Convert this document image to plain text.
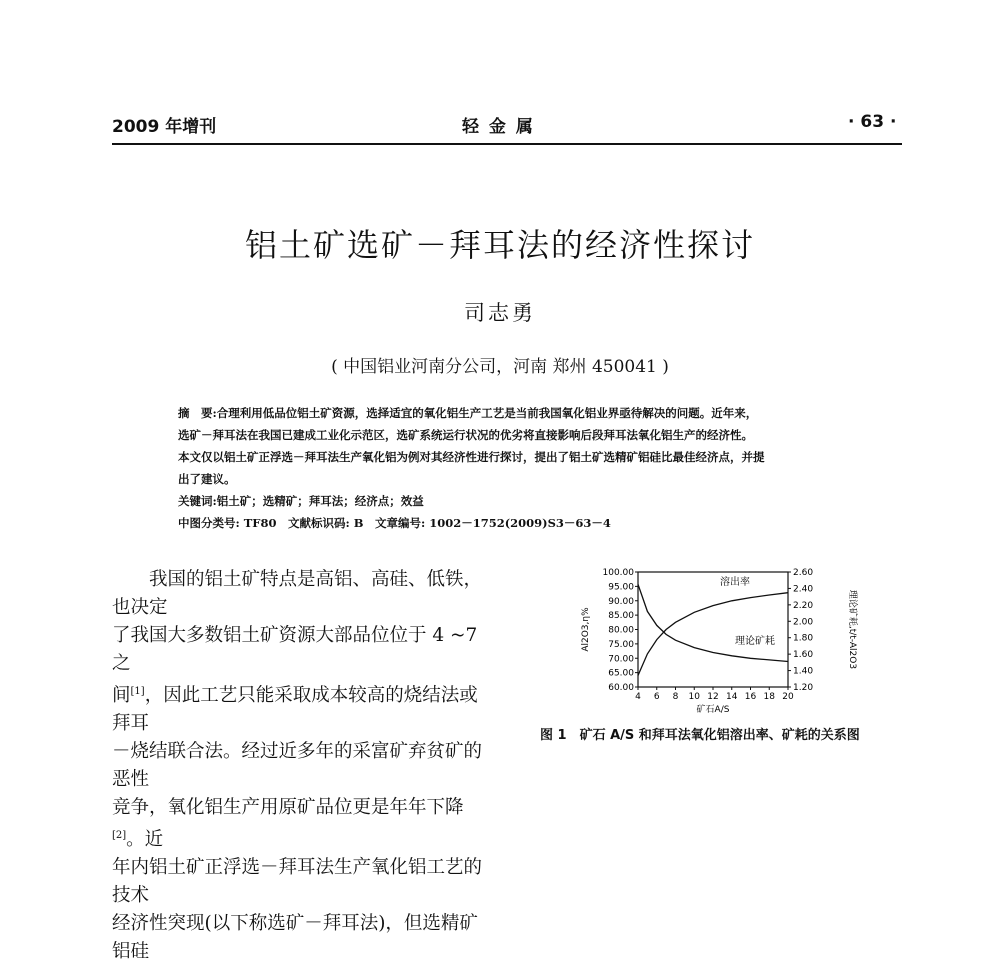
2009 年增刊	轻 金 属	· 63 ·
铝土矿选矿－拜耳法的经济性探讨
司志勇
( 中国铝业河南分公司，河南 郑州 450041 )
摘　要:合理利用低品位铝土矿资源，选择适宜的氧化铝生产工艺是当前我国氧化铝业界亟待解决的问题。近年来，
选矿－拜耳法在我国已建成工业化示范区，选矿系统运行状况的优劣将直接影响后段拜耳法氧化铝生产的经济性。
本文仅以铝土矿正浮选－拜耳法生产氧化铝为例对其经济性进行探讨，提出了铝土矿选精矿铝硅比最佳经济点，并提
出了建议。
关键词:铝土矿；选精矿；拜耳法；经济点；效益
中图分类号: TF80　文献标识码: B　文章编号: 1002－1752(2009)S3－63－4

我国的铝土矿特点是高铝、高硅、低铁，也决定

了我国大多数铝土矿资源大部品位位于 4 ~7 之
间[1]，因此工艺只能采取成本较高的烧结法或拜耳
－烧结联合法。经过近多年的采富矿弃贫矿的恶性
竞争，氧化铝生产用原矿品位更是年年下降[2]。近
年内铝土矿正浮选－拜耳法生产氧化铝工艺的技术
经济性突现(以下称选矿－拜耳法)，但选精矿铝硅
100.00
95.00
90.00
85.00
80.00
75.00
70.00
65.00
60.00
2.60
2.40
2.20
2.00
1.80
1.60
1.40
1.20
4 6 8 10 12 14 16 18 20
矿石A/S
Al2O3,η%	理论矿耗,t/t-Al2O3
溶出率
理论矿耗
图 1　矿石 A/S 和拜耳法氧化铝溶出率、矿耗的关系图
